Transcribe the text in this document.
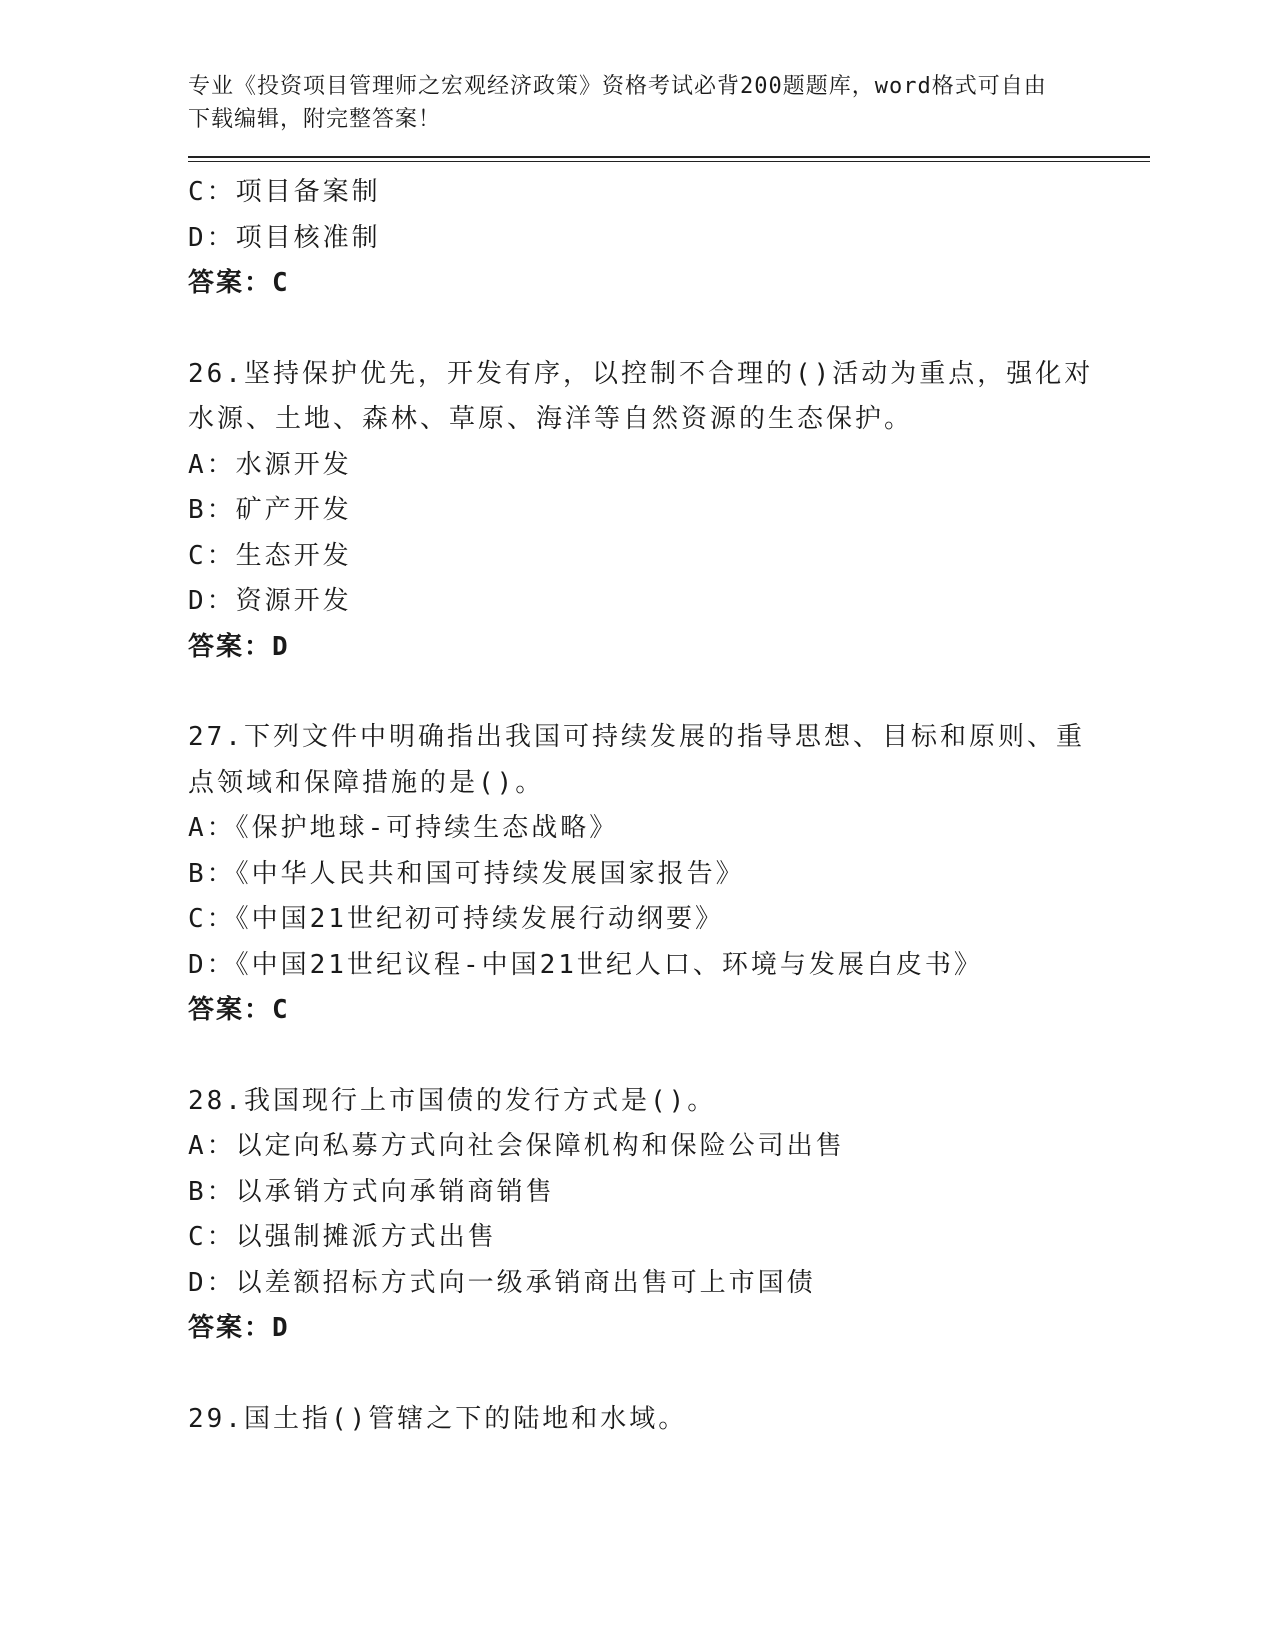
专业《投资项目管理师之宏观经济政策》资格考试必背200题题库，word格式可自由下载编辑，附完整答案！
C：项目备案制
D：项目核准制
答案：C
26.坚持保护优先，开发有序，以控制不合理的()活动为重点，强化对
水源、土地、森林、草原、海洋等自然资源的生态保护。
A：水源开发
B：矿产开发
C：生态开发
D：资源开发
答案：D
27.下列文件中明确指出我国可持续发展的指导思想、目标和原则、重
点领域和保障措施的是()。
A：《保护地球-可持续生态战略》
B：《中华人民共和国可持续发展国家报告》
C：《中国21世纪初可持续发展行动纲要》
D：《中国21世纪议程-中国21世纪人口、环境与发展白皮书》
答案：C
28.我国现行上市国债的发行方式是()。
A：以定向私募方式向社会保障机构和保险公司出售
B：以承销方式向承销商销售
C：以强制摊派方式出售
D：以差额招标方式向一级承销商出售可上市国债
答案：D
29.国土指()管辖之下的陆地和水域。
